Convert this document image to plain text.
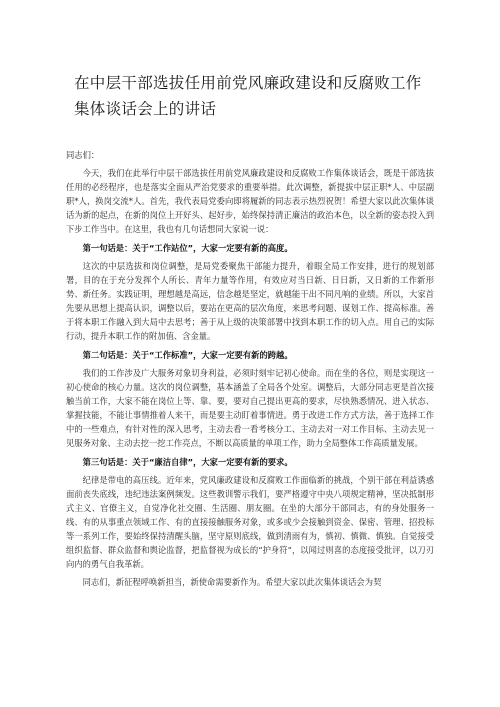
在中层干部选拔任用前党风廉政建设和反腐败工作
集体谈话会上的讲话

同志们：

今天，我们在此举行中层干部选拔任用前党风廉政建设和反腐败工作集体谈话会，既是干部选拔任用的必经程序，也是落实全面从严治党要求的重要举措。此次调整，新提拔中层正职*人、中层副职*人，换岗交流*人。首先，我代表局党委向即将履新的同志表示热烈祝贺！希望大家以此次集体谈话为新的起点，在新的岗位上开好头、起好步，始终保持清正廉洁的政治本色，以全新的姿态投入到下步工作当中。在这里，我也有几句话想同大家说一说：

第一句话是：关于“工作站位”，大家一定要有新的高度。

这次的中层选拔和岗位调整，是局党委聚焦干部能力提升，着眼全局工作安排，进行的规划部署，目的在于充分发挥个人所长、青年力量等作用，有效应对当日新、日日新，又日新的工作新形势、新任务。实践证明，理想越是高远，信念越是坚定，就越能干出不同凡响的业绩。所以，大家首先要从思想上提高认识，调整以后，要站在更高的层次角度，来思考问题、谋划工作、提高标准。善于将本职工作融入到大局中去思考；善于从上级的决策部署中找到本职工作的切入点。用自己的实际行动，提升本职工作的附加值、含金量。

第二句话是：关于“工作标准”，大家一定要有新的跨越。

我们的工作涉及广大服务对象切身利益，必须时刻牢记初心使命。而在坐的各位，则是实现这一初心使命的核心力量。这次的岗位调整，基本涵盖了全局各个处室。调整后，大部分同志更是首次接触当前工作，大家不能在岗位上等、靠、要，要对自己提出更高的要求，尽快熟悉情况、进入状态、掌握技能，不能让事情推着人来干，而是要主动盯着事情进。勇于改进工作方式方法，善于选择工作中的一些难点，有针对性的深入思考，主动去看一看考核分工、主动去对一对工作目标、主动去见一见服务对象、主动去挖一挖工作亮点，不断以高质量的单项工作，助力全局整体工作高质量发展。

第三句话是：关于“廉洁自律”，大家一定要有新的要求。

纪律是带电的高压线。近年来，党风廉政建设和反腐败工作面临新的挑战，个别干部在利益诱惑面前丧失底线，违纪违法案例频发。这些教训警示我们，要严格遵守中央八项规定精神，坚决抵制形式主义、官僚主义，自觉净化社交圈、生活圈、朋友圈。在坐的大部分干部同志，有的身处服务一线、有的从事重点领域工作、有的直接接触服务对象，或多或少会接触到资金、保密、管理、招投标等一系列工作，要始终保持清醒头脑，坚守原则底线，做到清雨有为，慎初、慎微、慎独。自觉接受组织监督、群众监督和舆论监督，把监督视为成长的“护身符”，以闻过则喜的态度接受批评，以刀刃向内的勇气自我革新。

同志们，新征程呼唤新担当，新使命需要新作为。希望大家以此次集体谈话会为契
